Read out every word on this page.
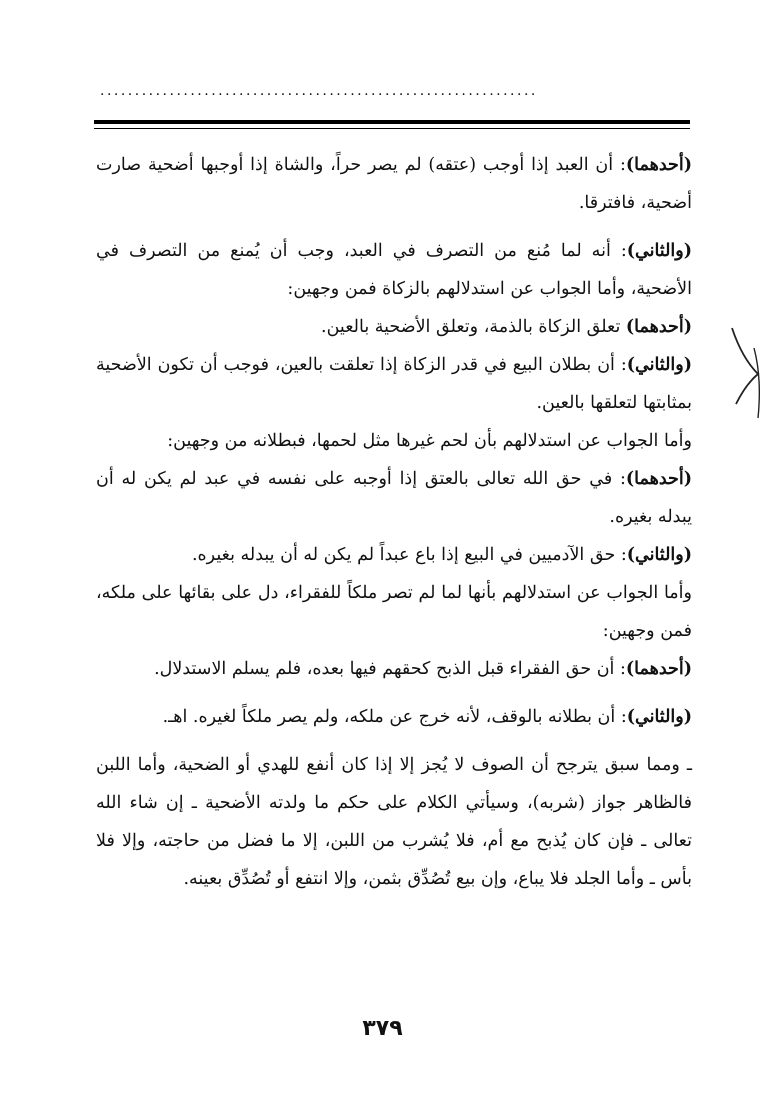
...............................................................

(أحدهما): أن العبد إذا أوجب (عتقه) لم يصر حراً، والشاة إذا أوجبها أضحية صارت أضحية، فافترقا.

(والثاني): أنه لما مُنع من التصرف في العبد، وجب أن يُمنع من التصرف في الأضحية، وأما الجواب عن استدلالهم بالزكاة فمن وجهين:

(أحدهما) تعلق الزكاة بالذمة، وتعلق الأضحية بالعين.

(والثاني): أن بطلان البيع في قدر الزكاة إذا تعلقت بالعين، فوجب أن تكون الأضحية بمثابتها لتعلقها بالعين.

وأما الجواب عن استدلالهم بأن لحم غيرها مثل لحمها، فبطلانه من وجهين:

(أحدهما): في حق الله تعالى بالعتق إذا أوجبه على نفسه في عبد لم يكن له أن يبدله بغيره.

(والثاني): حق الآدميين في البيع إذا باع عبداً لم يكن له أن يبدله بغيره.

وأما الجواب عن استدلالهم بأنها لما لم تصر ملكاً للفقراء، دل على بقائها على ملكه، فمن وجهين:

(أحدهما): أن حق الفقراء قبل الذبح كحقهم فيها بعده، فلم يسلم الاستدلال.

(والثاني): أن بطلانه بالوقف، لأنه خرج عن ملكه، ولم يصر ملكاً لغيره. اهـ.

ـ ومما سبق يترجح أن الصوف لا يُجز إلا إذا كان أنفع للهدي أو الضحية، وأما اللبن فالظاهر جواز (شربه)، وسيأتي الكلام على حكم ما ولدته الأضحية ـ إن شاء الله تعالى ـ فإن كان يُذبح مع أم، فلا يُشرب من اللبن، إلا ما فضل من حاجته، وإلا فلا بأس ـ وأما الجلد فلا يباع، وإن بيع تُصُدِّق بثمن، وإلا انتفع أو تُصُدِّق بعينه.

٣٧٩
